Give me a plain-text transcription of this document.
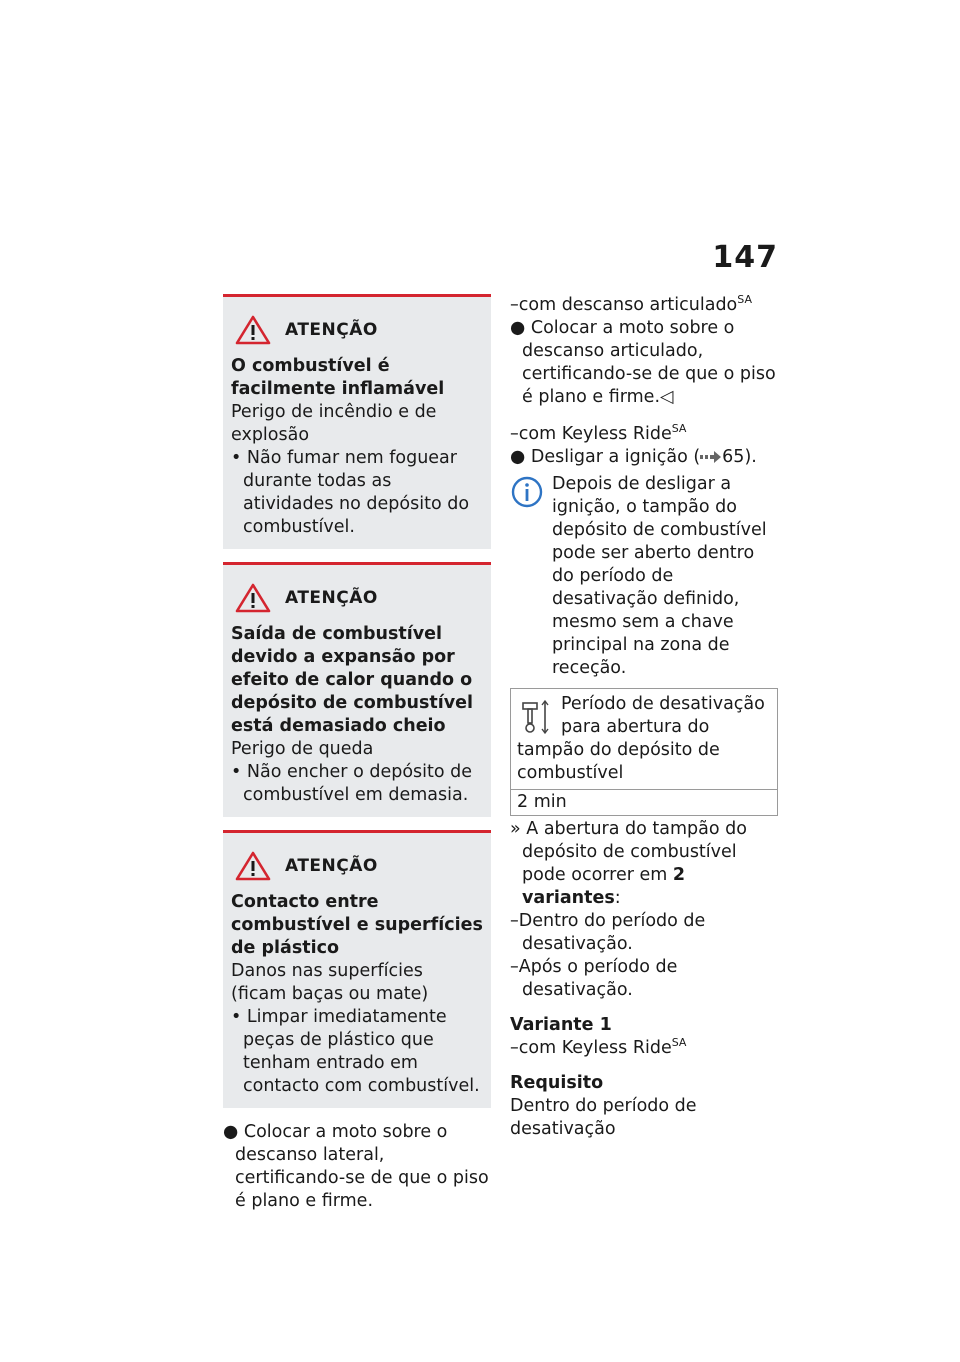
147
ATENÇÃO

O combustível é facilmente inflamável

Perigo de incêndio e de explosão

• Não fumar nem foguear durante todas as atividades no depósito do combustível.

ATENÇÃO

Saída de combustível devido a expansão por efeito de calor quando o depósito de combustível está demasiado cheio

Perigo de queda

• Não encher o depósito de combustível em demasia.

ATENÇÃO

Contacto entre combustível e superfícies de plástico

Danos nas superfícies (ficam baças ou mate)

• Limpar imediatamente peças de plástico que tenham entrado em contacto com combustível.

● Colocar a moto sobre o descanso lateral, certificando-se de que o piso é plano e firme.

–com descanso articulado$^{SA}$

● Colocar a moto sobre o descanso articulado, certificando-se de que o piso é plano e firme.◁

–com Keyless Ride$^{SA}$

● Desligar a ignição ( 65).

Depois de desligar a ignição, o tampão do depósito de combustível pode ser aberto dentro do período de desativação definido, mesmo sem a chave principal na zona de receção.

Período de desativação para abertura do tampão do depósito de combustível
2 min

» A abertura do tampão do depósito de combustível pode ocorrer em 2 variantes:

–Dentro do período de desativação.

–Após o período de desativação.

Variante 1

–com Keyless Ride$^{SA}$

Requisito

Dentro do período de desativação
